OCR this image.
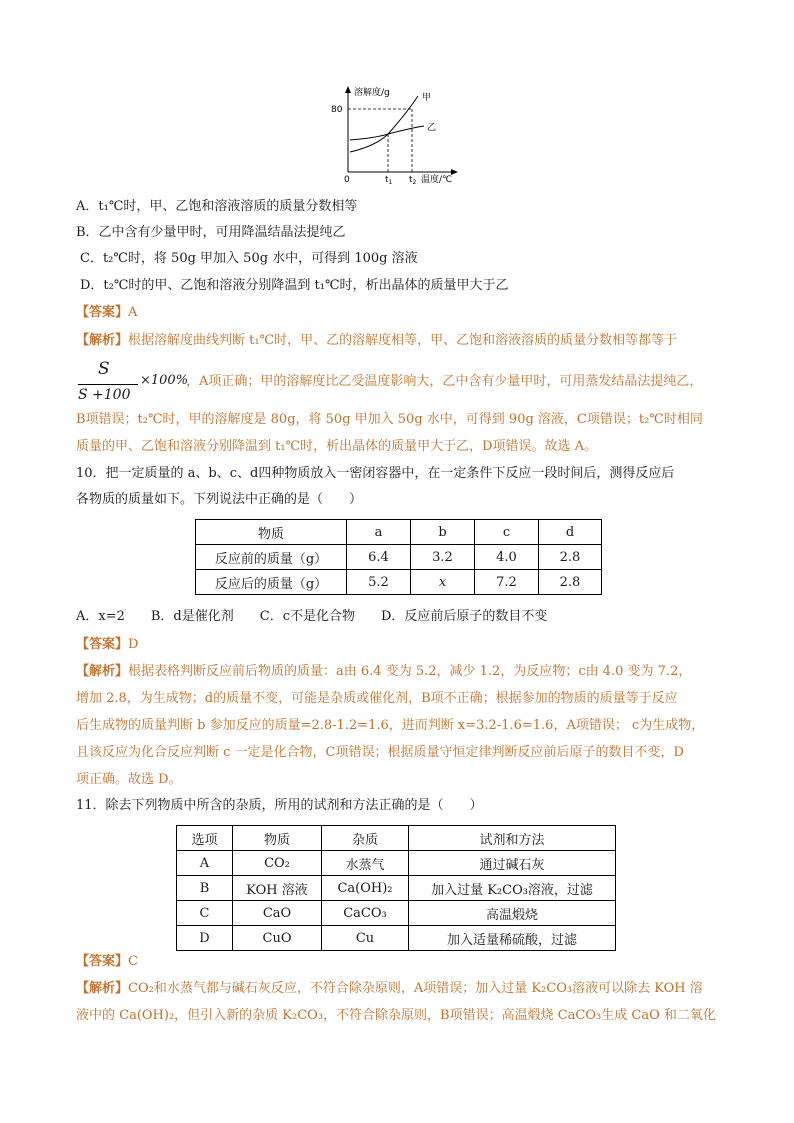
溶解度/g
80
甲
乙
0	$t_1$ $t_2$ 温度/℃
A．t₁℃时，甲、乙饱和溶液溶质的质量分数相等
B．乙中含有少量甲时，可用降温结晶法提纯乙
C．t₂℃时，将 50g 甲加入 50g 水中，可得到 100g 溶液
D．t₂℃时的甲、乙饱和溶液分别降温到 t₁℃时，析出晶体的质量甲大于乙
【答案】A
【解析】根据溶解度曲线判断 t₁℃时，甲、乙的溶解度相等，甲、乙饱和溶液溶质的质量分数相等都等于
S
S +100
×100%
，A项正确；甲的溶解度比乙受温度影响大，乙中含有少量甲时，可用蒸发结晶法提纯乙，
B项错误；t₂℃时，甲的溶解度是 80g，将 50g 甲加入 50g 水中，可得到 90g 溶液，C项错误；t₂℃时相同
质量的甲、乙饱和溶液分别降温到 t₁℃时，析出晶体的质量甲大于乙，D项错误。故选 A。
10．把一定质量的 a、b、c、d四种物质放入一密闭容器中，在一定条件下反应一段时间后，测得反应后
各物质的质量如下。下列说法中正确的是（　　）
物质	a	b	c	d
反应前的质量（g）	6.4	3.2	4.0	2.8
反应后的质量（g）	5.2	x	7.2	2.8
A．x=2　　B．d是催化剂　　C．c不是化合物　　D．反应前后原子的数目不变
【答案】D
【解析】根据表格判断反应前后物质的质量：a由 6.4 变为 5.2，减少 1.2，为反应物；c由 4.0 变为 7.2，
增加 2.8，为生成物；d的质量不变，可能是杂质或催化剂，B项不正确；根据参加的物质的质量等于反应
后生成物的质量判断 b 参加反应的质量=2.8-1.2=1.6，进而判断 x=3.2-1.6=1.6，A项错误； c为生成物，
且该反应为化合反应判断 c 一定是化合物，C项错误；根据质量守恒定律判断反应前后原子的数目不变，D
项正确。故选 D。
11．除去下列物质中所含的杂质，所用的试剂和方法正确的是（　　）
选项	物质	杂质	试剂和方法
A	CO₂	水蒸气	通过碱石灰
B	KOH 溶液	Ca(OH)₂	加入过量 K₂CO₃溶液，过滤
C	CaO	CaCO₃	高温煅烧
D	CuO	Cu	加入适量稀硫酸，过滤
【答案】C
【解析】CO₂和水蒸气都与碱石灰反应，不符合除杂原则，A项错误；加入过量 K₂CO₃溶液可以除去 KOH 溶
液中的 Ca(OH)₂，但引入新的杂质 K₂CO₃，不符合除杂原则，B项错误；高温煅烧 CaCO₃生成 CaO 和二氧化
